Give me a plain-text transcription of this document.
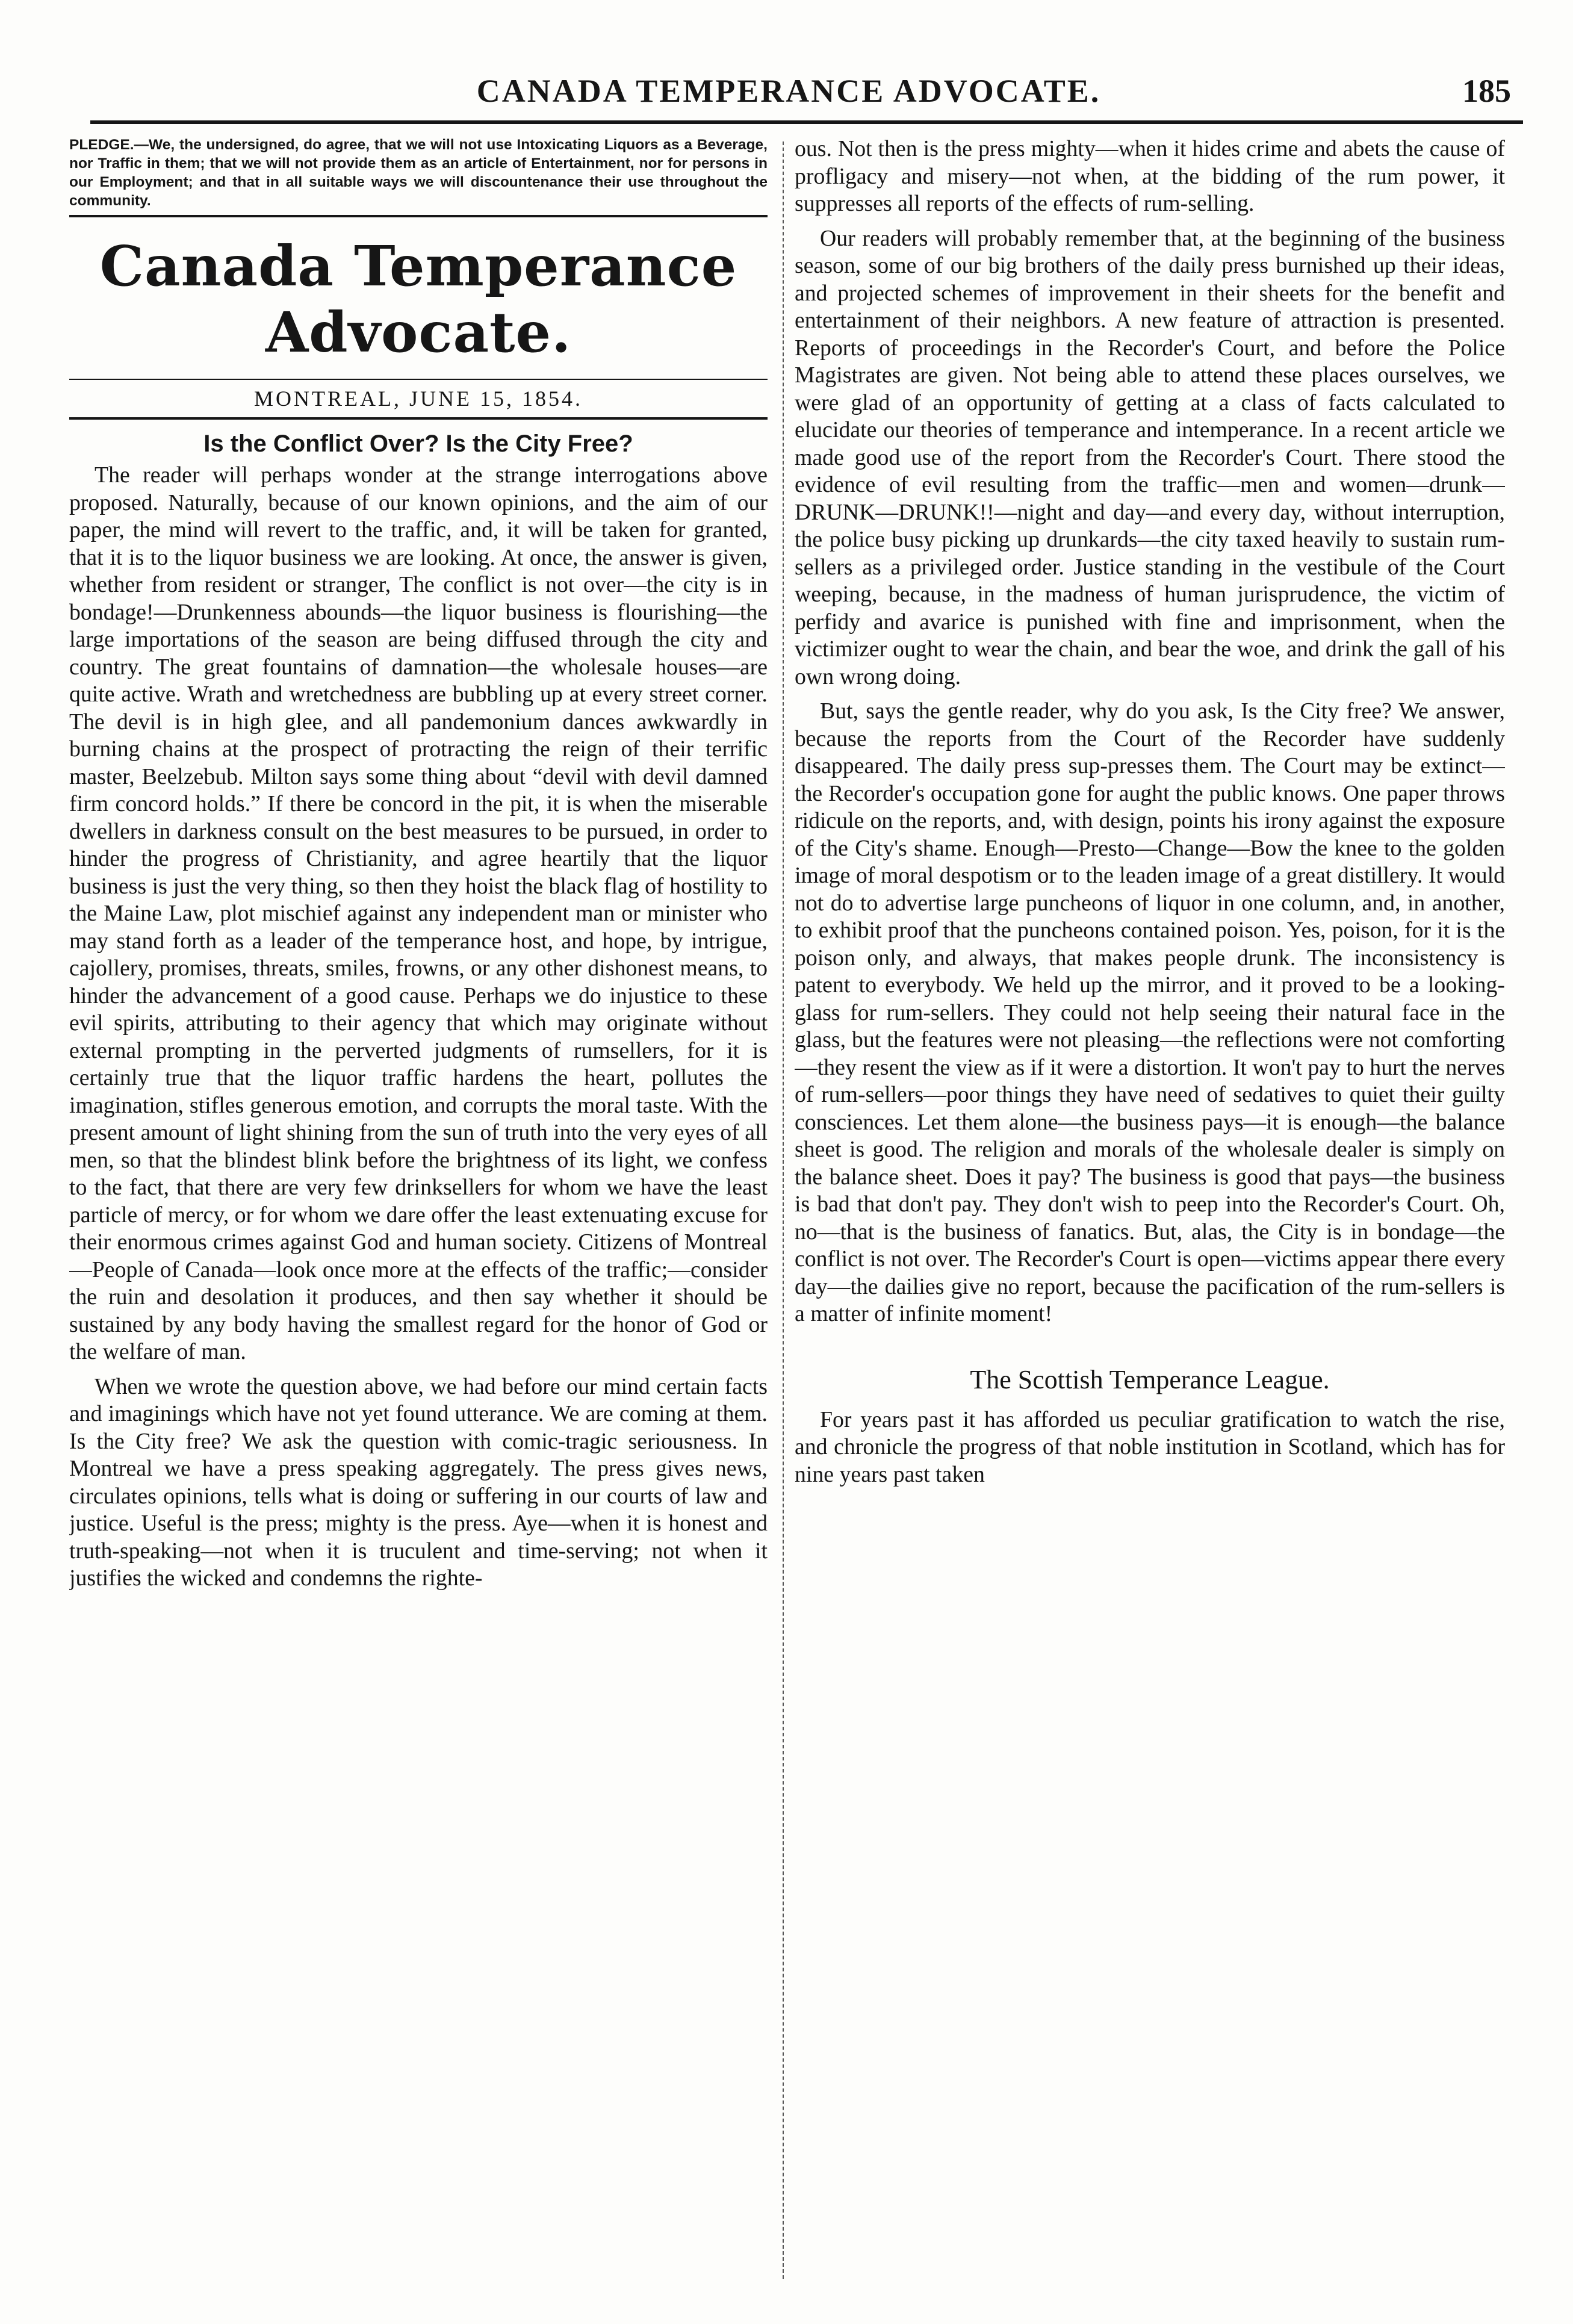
CANADA TEMPERANCE ADVOCATE.	185

PLEDGE.—We, the undersigned, do agree, that we will not use Intoxicating Liquors as a Beverage, nor Traffic in them; that we will not provide them as an article of Entertainment, nor for persons in our Employment; and that in all suitable ways we will discountenance their use throughout the community.

Canada Temperance Advocate.
MONTREAL, JUNE 15, 1854.
Is the Conflict Over? Is the City Free?

The reader will perhaps wonder at the strange interrogations above proposed. Naturally, because of our known opinions, and the aim of our paper, the mind will revert to the traffic, and, it will be taken for granted, that it is to the liquor business we are looking. At once, the answer is given, whether from resident or stranger, The conflict is not over—the city is in bondage!—Drunkenness abounds—the liquor business is flourishing—the large importations of the season are being diffused through the city and country. The great fountains of damnation—the wholesale houses—are quite active. Wrath and wretchedness are bubbling up at every street corner. The devil is in high glee, and all pandemonium dances awkwardly in burning chains at the prospect of protracting the reign of their terrific master, Beelzebub. Milton says some thing about “devil with devil damned firm concord holds.” If there be concord in the pit, it is when the miserable dwellers in darkness consult on the best measures to be pursued, in order to hinder the progress of Christianity, and agree heartily that the liquor business is just the very thing, so then they hoist the black flag of hostility to the Maine Law, plot mischief against any independent man or minister who may stand forth as a leader of the temperance host, and hope, by intrigue, cajollery, promises, threats, smiles, frowns, or any other dishonest means, to hinder the advancement of a good cause. Perhaps we do injustice to these evil spirits, attributing to their agency that which may originate without external prompting in the perverted judgments of rumsellers, for it is certainly true that the liquor traffic hardens the heart, pollutes the imagination, stifles generous emotion, and corrupts the moral taste. With the present amount of light shining from the sun of truth into the very eyes of all men, so that the blindest blink before the brightness of its light, we confess to the fact, that there are very few drinksellers for whom we have the least particle of mercy, or for whom we dare offer the least extenuating excuse for their enormous crimes against God and human society. Citizens of Montreal—People of Canada—look once more at the effects of the traffic;—consider the ruin and desolation it produces, and then say whether it should be sustained by any body having the smallest regard for the honor of God or the welfare of man.

When we wrote the question above, we had before our mind certain facts and imaginings which have not yet found utterance. We are coming at them. Is the City free? We ask the question with comic-tragic seriousness. In Montreal we have a press speaking aggregately. The press gives news, circulates opinions, tells what is doing or suffering in our courts of law and justice. Useful is the press; mighty is the press. Aye—when it is honest and truth-speaking—not when it is truculent and time-serving; not when it justifies the wicked and condemns the righte-

ous. Not then is the press mighty—when it hides crime and abets the cause of profligacy and misery—not when, at the bidding of the rum power, it suppresses all reports of the effects of rum-selling.

Our readers will probably remember that, at the beginning of the business season, some of our big brothers of the daily press burnished up their ideas, and projected schemes of improvement in their sheets for the benefit and entertainment of their neighbors. A new feature of attraction is presented. Reports of proceedings in the Recorder's Court, and before the Police Magistrates are given. Not being able to attend these places ourselves, we were glad of an opportunity of getting at a class of facts calculated to elucidate our theories of temperance and intemperance. In a recent article we made good use of the report from the Recorder's Court. There stood the evidence of evil resulting from the traffic—men and women—drunk—DRUNK—DRUNK!!—night and day—and every day, without interruption, the police busy picking up drunkards—the city taxed heavily to sustain rum-sellers as a privileged order. Justice standing in the vestibule of the Court weeping, because, in the madness of human jurisprudence, the victim of perfidy and avarice is punished with fine and imprisonment, when the victimizer ought to wear the chain, and bear the woe, and drink the gall of his own wrong doing.

But, says the gentle reader, why do you ask, Is the City free? We answer, because the reports from the Court of the Recorder have suddenly disappeared. The daily press sup-presses them. The Court may be extinct—the Recorder's occupation gone for aught the public knows. One paper throws ridicule on the reports, and, with design, points his irony against the exposure of the City's shame. Enough—Presto—Change—Bow the knee to the golden image of moral despotism or to the leaden image of a great distillery. It would not do to advertise large puncheons of liquor in one column, and, in another, to exhibit proof that the puncheons contained poison. Yes, poison, for it is the poison only, and always, that makes people drunk. The inconsistency is patent to everybody. We held up the mirror, and it proved to be a looking-glass for rum-sellers. They could not help seeing their natural face in the glass, but the features were not pleasing—the reflections were not comforting—they resent the view as if it were a distortion. It won't pay to hurt the nerves of rum-sellers—poor things they have need of sedatives to quiet their guilty consciences. Let them alone—the business pays—it is enough—the balance sheet is good. The religion and morals of the wholesale dealer is simply on the balance sheet. Does it pay? The business is good that pays—the business is bad that don't pay. They don't wish to peep into the Recorder's Court. Oh, no—that is the business of fanatics. But, alas, the City is in bondage—the conflict is not over. The Recorder's Court is open—victims appear there every day—the dailies give no report, because the pacification of the rum-sellers is a matter of infinite moment!

The Scottish Temperance League.

For years past it has afforded us peculiar gratification to watch the rise, and chronicle the progress of that noble institution in Scotland, which has for nine years past taken
